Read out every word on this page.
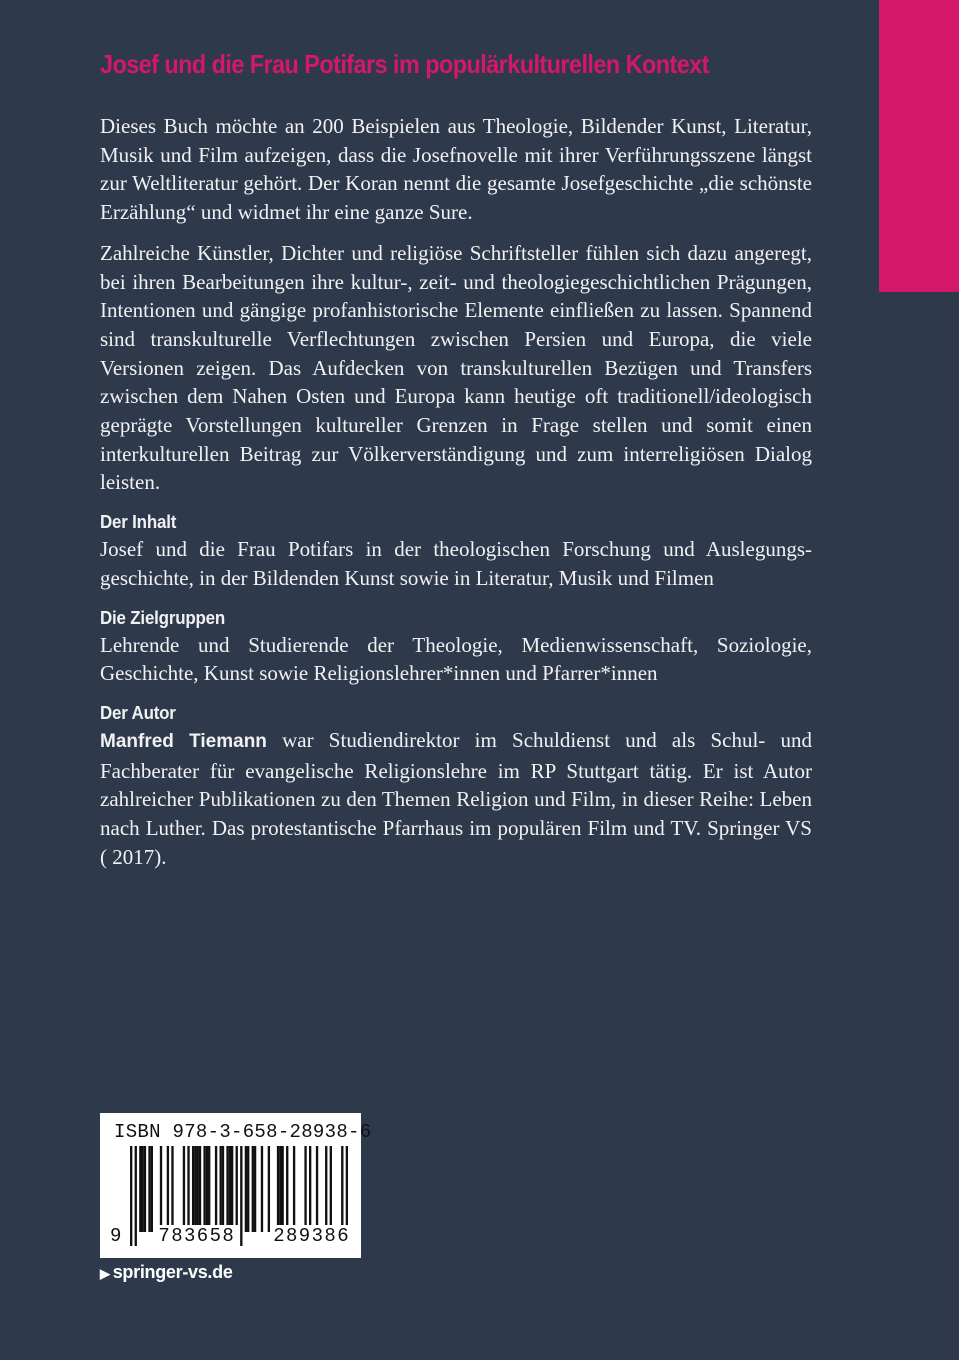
Josef und die Frau Potifars im populärkulturellen Kontext

Dieses Buch möchte an 200 Beispielen aus Theologie, Bildender Kunst, Literatur, Musik und Film aufzeigen, dass die Josefnovelle mit ihrer Verführungsszene längst zur Weltliteratur gehört. Der Koran nennt die gesamte Josefgeschichte „die schönste Erzählung“ und widmet ihr eine ganze Sure.

Zahlreiche Künstler, Dichter und religiöse Schriftsteller fühlen sich dazu angeregt, bei ihren Bearbeitungen ihre kultur-, zeit- und theologiegeschichtlichen Prägungen, Intentionen und gängige profanhistorische Elemente einfließen zu lassen. Spannend sind transkulturelle Verflechtungen zwischen Persien und Europa, die viele Versionen zeigen. Das Aufdecken von transkulturellen Bezügen und Transfers zwischen dem Nahen Osten und Europa kann heutige oft traditionell/ideologisch geprägte Vorstellungen kultureller Grenzen in Frage stellen und somit einen interkulturellen Beitrag zur Völkerverständigung und zum interreligiösen Dialog leisten.

Der Inhalt

Josef und die Frau Potifars in der theologischen Forschung und Auslegungsgeschichte, in der Bildenden Kunst sowie in Literatur, Musik und Filmen

Die Zielgruppen

Lehrende und Studierende der Theologie, Medienwissenschaft, Soziologie, Geschichte, Kunst sowie Religionslehrer*innen und Pfarrer*innen

Der Autor

Manfred Tiemann war Studiendirektor im Schuldienst und als Schul- und Fachberater für evangelische Religionslehre im RP Stuttgart tätig. Er ist Autor zahlreicher Publikationen zu den Themen Religion und Film, in dieser Reihe: Leben nach Luther. Das protestantische Pfarrhaus im populären Film und TV. Springer VS ( 2017).

ISBN 978-3-658-28938-6
9 783658 289386
▶ springer-vs.de
